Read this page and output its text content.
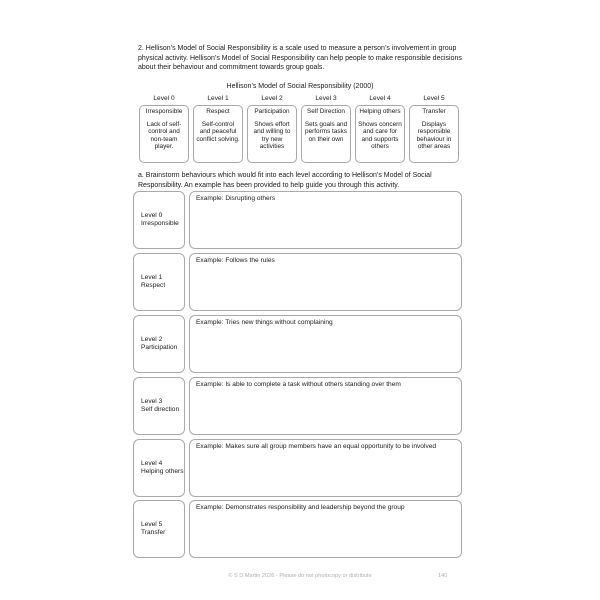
2. Hellison’s Model of Social Responsibility is a scale used to measure a person’s involvement in group physical activity. Hellison’s Model of Social Responsibility can help people to make responsible decisions about their behaviour and commitment towards group goals.
Hellison’s Model of Social Responsibility (2000)
Level 0
Irresponsible
Lack of self-control and non-team player.
Level 1
Respect
Self-control and peaceful conflict solving.
Level 2
Participation
Shows effort and willing to try new activities
Level 3
Self Direction
Sets goals and performs tasks on their own
Level 4
Helping others
Shows concern and care for and supports others
Level 5
Transfer
Displays responsible behaviour in other areas
a. Brainstorm behaviours which would fit into each level according to Hellison’s Model of Social Responsibility. An example has been provided to help guide you through this activity.
Level 0
Irresponsible
Example: Disrupting others
Level 1
Respect
Example: Follows the rules
Level 2
Participation
Example: Tries new things without complaining
Level 3
Self direction
Example: Is able to complete a task without others standing over them
Level 4
Helping others
Example: Makes sure all group members have an equal opportunity to be involved
Level 5
Transfer
Example: Demonstrates responsibility and leadership beyond the group
© S D Martin 2026 - Please do not photocopy or distribute	140
